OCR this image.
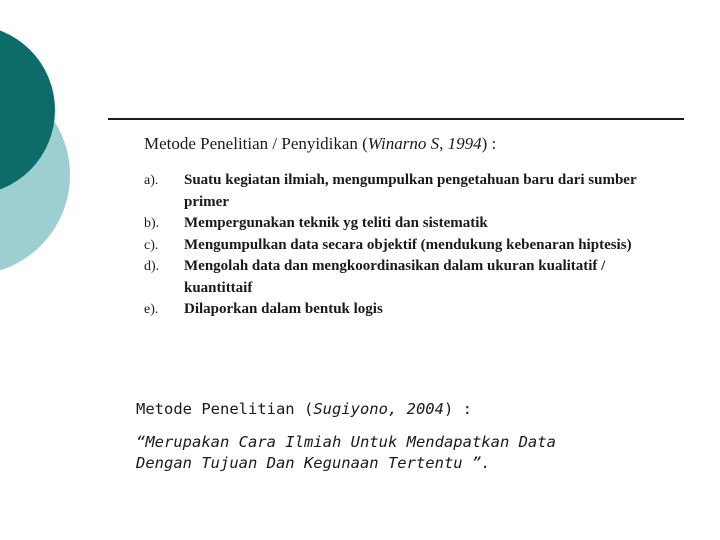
Metode Penelitian / Penyidikan (Winarno S, 1994) :
a).	Suatu kegiatan ilmiah, mengumpulkan pengetahuan baru dari sumber primer
b).	Mempergunakan teknik yg teliti dan sistematik
c).	Mengumpulkan data secara objektif (mendukung kebenaran hiptesis)
d).	Mengolah data dan mengkoordinasikan dalam ukuran kualitatif / kuantittaif
e).	Dilaporkan dalam bentuk logis
Metode Penelitian (Sugiyono, 2004) :
“Merupakan Cara Ilmiah Untuk Mendapatkan Data
Dengan Tujuan Dan Kegunaan Tertentu ”.
